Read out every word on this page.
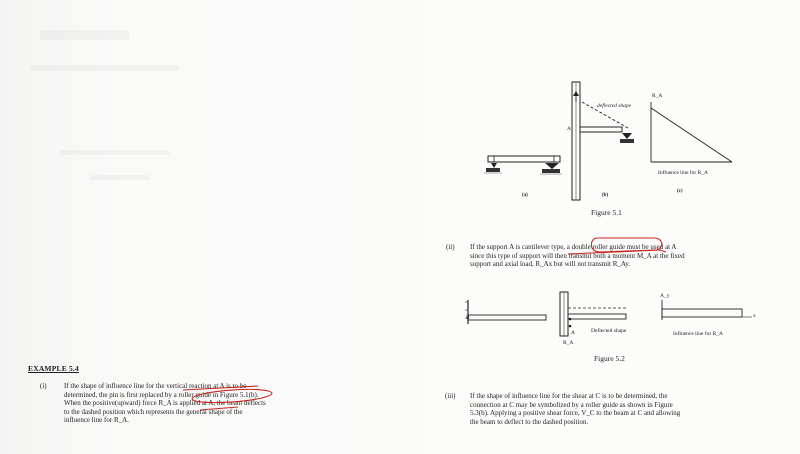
EXAMPLE 5.4
(i) If the shape of influence line for the vertical reaction at A is to be
determined, the pin is first replaced by a roller guide in Figure 5.1(b).
When the positive(upward) force R_A is applied at A, the beam deflects
to the dashed position which represents the general shape of the
influence line for R_A.
deflected shape
A
R_A
Influence line for R_A
(a)	(b)
(c)
Figure 5.1
(ii) If the support A is cantilever type, a double roller guide must be used at A
since this type of support will then transmit both a moment M_A at the fixed
support and axial load, R_Ax but will not transmit R_Ay.
B
A	Deflected shape
R_A
A_y
x
Influence line for R_A
Figure 5.2
(iii) If the shape of influence line for the shear at C is to be determined, the
connection at C may be symbolized by a roller guide as shown in Figure
5.3(b). Applying a positive shear force, V_C to the beam at C and allowing
the beam to deflect to the dashed position.
